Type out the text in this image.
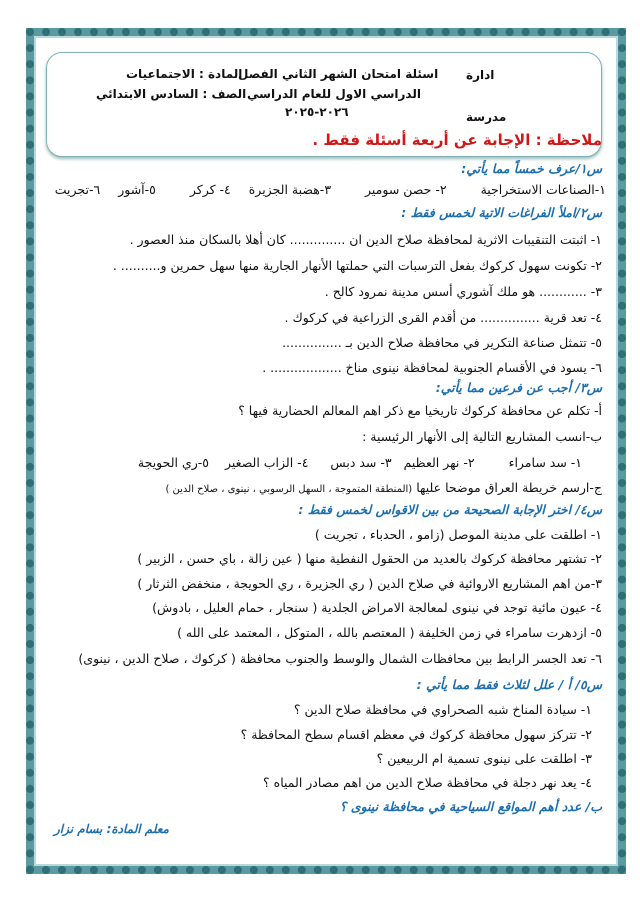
ادارة
مدرسة
اسئلة امتحان الشهر الثاني الفصل
الدراسي الاول للعام الدراسي
٢٠٢٦-٢٠٢٥
المادة : الاجتماعيات
الصف : السادس الابتدائي
ملاحظة : الإجابة عن أربعة أسئلة فقط .
س١/عرف خمساً مما يأتي:
١-الصناعات الاستخراجية ٢- حصن سومير ٣-هضبة الجزيرة ٤- كركر ٥-آشور ٦-تجريت
س٢/املأ الفراغات الاتية لخمس فقط :
١- اثبتت التنقيبات الاثرية لمحافظة صلاح الدين ان .............. كان أهلا بالسكان منذ العصور .
٢- تكونت سهول كركوك بفعل الترسبات التي حملتها الأنهار الجارية منها سهل حمرين و.......... .
٣- ............ هو ملك آشوري أسس مدينة نمرود كالح .
٤- تعد قرية ............... من أقدم القرى الزراعية في كركوك .
٥- تتمثل صناعة التكرير في محافظة صلاح الدين بـ ...............
٦- يسود في الأقسام الجنوبية لمحافظة نينوى مناخ .................. .
س٣/ أجب عن فرعين مما يأتي:
أ- تكلم عن محافظة كركوك تاريخيا مع ذكر اهم المعالم الحضارية فيها ؟
ب-انسب المشاريع التالية إلى الأنهار الرئيسية :
١- سد سامراء ٢- نهر العظيم ٣- سد دبس ٤- الزاب الصغير ٥-ري الحويجة
ج-ارسم خريطة العراق موضحا عليها (المنطقة المتموجة ، السهل الرسوبي ، نينوى ، صلاح الدين )
س٤/ اختر الإجابة الصحيحة من بين الاقواس لخمس فقط :
١- اطلقت على مدينة الموصل (زامو ، الحدباء ، تجريت )
٢- تشتهر محافظة كركوك بالعديد من الحقول النفطية منها ( عين زالة ، باي حسن ، الزبير )
٣-من اهم المشاريع الاروائية في صلاح الدين ( ري الجزيرة ، ري الحويجة ، منخفض الثرثار )
٤- عيون مائية توجد في نينوى لمعالجة الامراض الجلدية ( سنجار ، حمام العليل ، بادوش)
٥- ازدهرت سامراء في زمن الخليفة ( المعتصم بالله ، المتوكل ، المعتمد على الله )
٦- تعد الجسر الرابط بين محافظات الشمال والوسط والجنوب محافظة ( كركوك ، صلاح الدين ، نينوى)
س٥/ أ / علل لثلاث فقط مما يأتي :
١- سيادة المناخ شبه الصحراوي في محافظة صلاح الدين ؟
٢- تتركز سهول محافظة كركوك في معظم اقسام سطح المحافظة ؟
٣- اطلقت على نينوى تسمية ام الربيعين ؟
٤- يعد نهر دجلة في محافظة صلاح الدين من اهم مصادر المياه ؟
ب/ عدد أهم المواقع السياحية في محافظة نينوى ؟
معلم المادة: بسام نزار
